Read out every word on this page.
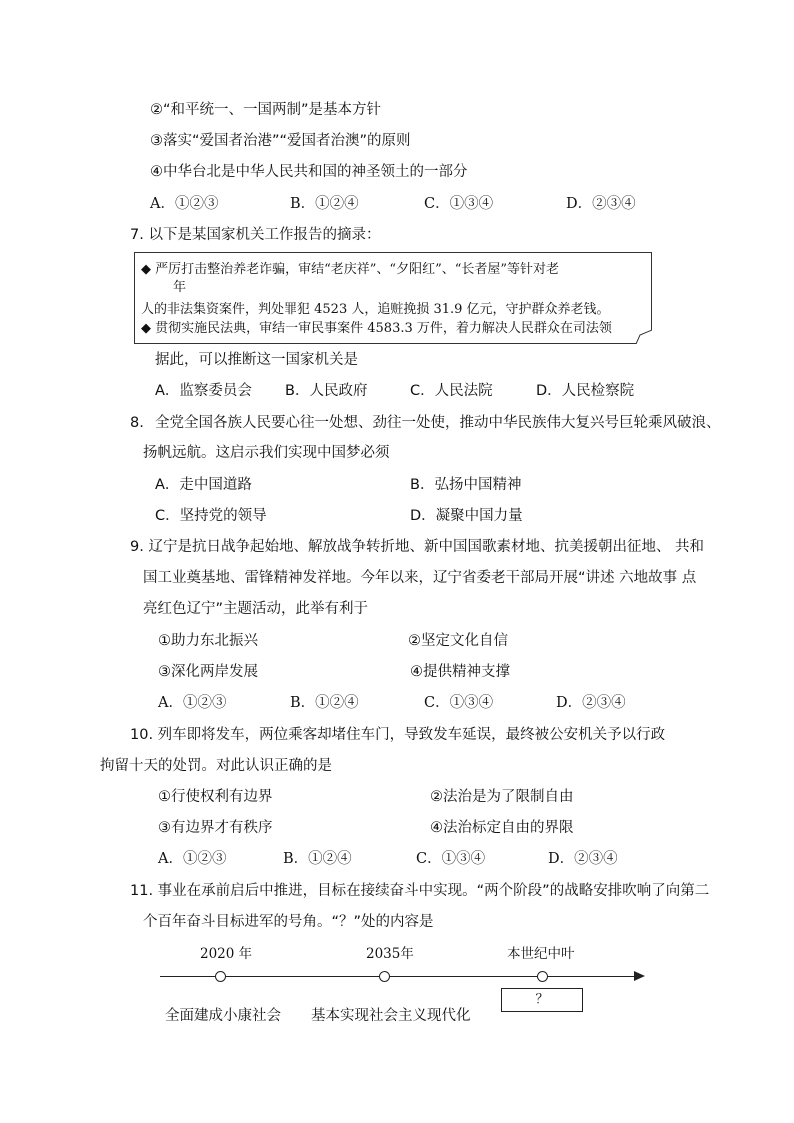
②“和平统一、一国两制”是基本方针
③落实“爱国者治港”“爱国者治澳”的原则
④中华台北是中华人民共和国的神圣领土的一部分
A．①②③	B．①②④	C．①③④	D．②③④
7. 以下是某国家机关工作报告的摘录：
◆ 严厉打击整治养老诈骗，审结“老庆祥”、“夕阳红”、“长者屋”等针对老
年
人的非法集资案件，判处罪犯 4523 人，追赃挽损 31.9 亿元，守护群众养老钱。
◆ 贯彻实施民法典，审结一审民事案件 4583.3 万件，着力解决人民群众在司法领
据此，可以推断这一国家机关是
A．监察委员会 B．人民政府	C．人民法院	D．人民检察院
8. 全党全国各族人民要心往一处想、劲往一处使，推动中华民族伟大复兴号巨轮乘风破浪、
扬帆远航。这启示我们实现中国梦必须
A．走中国道路	B．弘扬中国精神
C．坚持党的领导	D．凝聚中国力量
9. 辽宁是抗日战争起始地、解放战争转折地、新中国国歌素材地、抗美援朝出征地、 共和
国工业奠基地、雷锋精神发祥地。今年以来，辽宁省委老干部局开展“讲述 六地故事 点
亮红色辽宁”主题活动，此举有利于
①助力东北振兴	②坚定文化自信
③深化两岸发展	④提供精神支撑
A．①②③	B．①②④	C．①③④	D．②③④
10. 列车即将发车，两位乘客却堵住车门，导致发车延误，最终被公安机关予以行政
拘留十天的处罚。对此认识正确的是
①行使权利有边界	②法治是为了限制自由
③有边界才有秩序	④法治标定自由的界限
A．①②③	B．①②④	C．①③④	D．②③④
11. 事业在承前启后中推进，目标在接续奋斗中实现。“两个阶段”的战略安排吹响了向第二
个百年奋斗目标进军的号角。“？”处的内容是
2020 年	2035年	本世纪中叶
？
全面建成小康社会 基本实现社会主义现代化
